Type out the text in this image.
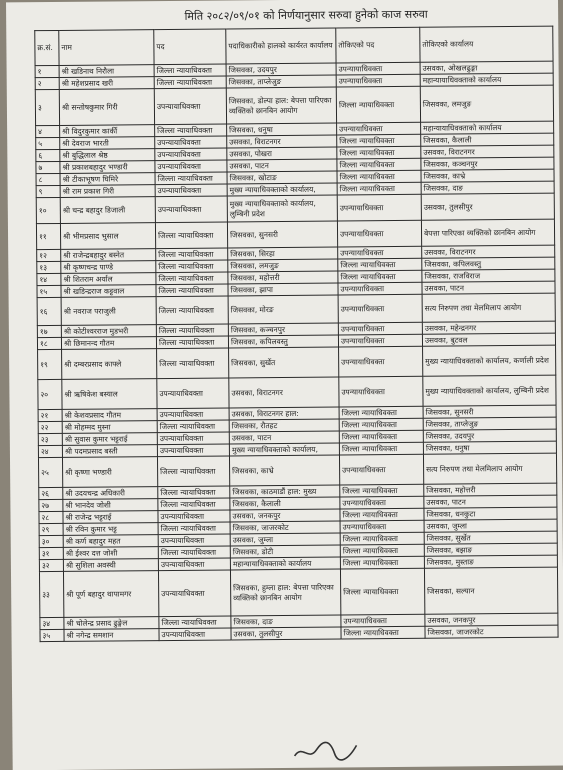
मिति २०८२/०९/०१ को निर्णयानुसार सरुवा हुनेको काज सरुवा
क्र.सं.	नाम	पद	पदाधिकारीको हालको कार्यरत कार्यालय	तोकिएको पद	तोकिएको कार्यालय
१	श्री खडिनाथ निरौला	जिल्ला न्यायाधिवक्ता	जिसवका, उदयपुर	उपन्यायाधिवक्ता	उसवका, ओखलढुङ्गा
२	श्री महेशप्रसाद खरी	जिल्ला न्यायाधिवक्ता	जिसवका, ताप्लेजुङ	उपन्यायाधिवक्ता	महान्यायाधिवक्ताको कार्यालय
३	श्री सन्तोषकुमार गिरी	उपन्यायाधिवक्ता	जिसवका, डोल्पा हाल: बेपत्ता पारिएका व्यक्तिको छानबिन आयोग	जिल्ला न्यायाधिवक्ता	जिसवका, लमजुङ
४	श्री विदुरकुमार कार्की	जिल्ला न्यायाधिवक्ता	जिसवका, धनुषा	उपन्यायाधिवक्ता	महान्यायाधिवक्ताको कार्यालय
५	श्री देवराज भारती	उपन्यायाधिवक्ता	उसवका, विराटनगर	जिल्ला न्यायाधिवक्ता	जिसवका, कैलाली
६	श्री बुद्धिलाल श्रेष्ठ	उपन्यायाधिवक्ता	उसवका, पोखरा	जिल्ला न्यायाधिवक्ता	उसवका, विराटनगर
७	श्री प्रकाशबहादुर भण्डारी	उपन्यायाधिवक्ता	उसवका, पाटन	जिल्ला न्यायाधिवक्ता	जिसवका, कञ्चनपुर
८	श्री टीकाभूषण घिमिरे	जिल्ला न्यायाधिवक्ता	जिसवका, खोटाङ	जिल्ला न्यायाधिवक्ता	जिसवका, काभ्रे
९	श्री राम प्रकाश गिरी	उपन्यायाधिवक्ता	मुख्य न्यायाधिवक्ताको कार्यालय,	जिल्ला न्यायाधिवक्ता	जिसवका, दाङ
१०	श्री चन्द्र बहादुर डिजाली	उपन्यायाधिवक्ता	मुख्य न्यायाधिवक्ताको कार्यालय, लुम्बिनी प्रदेश	उपन्यायाधिवक्ता	उसवका, तुलसीपुर
११	श्री भीमप्रसाद भुसाल	जिल्ला न्यायाधिवक्ता	जिसवका, सुनसरी	उपन्यायाधिवक्ता	बेपत्ता पारिएका व्यक्तिको छानबिन आयोग
१२	श्री राजेन्द्रबहादुर बस्नेत	जिल्ला न्यायाधिवक्ता	जिसवका, सिरहा	उपन्यायाधिवक्ता	उसवका, विराटनगर
१३	श्री कृष्णचन्द्र पाण्डे	जिल्ला न्यायाधिवक्ता	जिसवका, लमजुङ	जिल्ला न्यायाधिवक्ता	जिसवका, कपिलवस्तु
१४	श्री शितराम अर्याल	जिल्ला न्यायाधिवक्ता	जिसवका, महोत्तरी	जिल्ला न्यायाधिवक्ता	जिसवका, राजविराज
१५	श्री खडिन्द्रराज कट्टवाल	जिल्ला न्यायाधिवक्ता	जिसवका, झापा	उपन्यायाधिवक्ता	उसवका, पाटन
१६	श्री नवराज पराजुली	जिल्ला न्यायाधिवक्ता	जिसवका, मोरङ	उपन्यायाधिवक्ता	सत्य निरुपण तथा मेलमिलाप आयोग
१७	श्री कोटीश्वरराज मुडभरी	जिल्ला न्यायाधिवक्ता	जिसवका, कञ्चनपुर	उपन्यायाधिवक्ता	उसवका, महेन्द्रनगर
१८	श्री छिमानन्द गौतम	जिल्ला न्यायाधिवक्ता	जिसवका, कपिलवस्तु	उपन्यायाधिवक्ता	उसवका, बुटवल
१९	श्री दम्बरप्रसाद काफ्ले	जिल्ला न्यायाधिवक्ता	जिसवका, सुर्खेत	उपन्यायाधिवक्ता	मुख्य न्यायाधिवक्ताको कार्यालय, कर्णाली प्रदेश
२०	श्री ऋषिकेश बस्याल	उपन्यायाधिवक्ता	उसवका, विराटनगर	उपन्यायाधिवक्ता	मुख्य न्यायाधिवक्ताको कार्यालय, लुम्बिनी प्रदेश
२१	श्री केशवप्रसाद गौतम	उपन्यायाधिवक्ता	उसवका, विराटनगर हाल:	जिल्ला न्यायाधिवक्ता	जिसवका, सुनसरी
२२	श्री मोहम्मद मुस्ना	जिल्ला न्यायाधिवक्ता	जिसवका, रौतहट	जिल्ला न्यायाधिवक्ता	जिसवका, ताप्लेजुङ
२३	श्री सुवास कुमार भट्टराई	उपन्यायाधिवक्ता	उसवका, पाटन	जिल्ला न्यायाधिवक्ता	जिसवका, उदयपुर
२४	श्री पदमप्रसाद बस्ती	उपन्यायाधिवक्ता	मुख्य न्यायाधिवक्ताको कार्यालय,	जिल्ला न्यायाधिवक्ता	जिसवका, धनुषा
२५	श्री कृष्णा भण्डारी	जिल्ला न्यायाधिवक्ता	जिसवका, काभ्रे	उपन्यायाधिवक्ता	सत्य निरुपण तथा मेलमिलाप आयोग
२६	श्री उदयचन्द्र अधिकारी	जिल्ला न्यायाधिवक्ता	जिसवका, काठमाडौं हाल: मुख्य	जिल्ला न्यायाधिवक्ता	जिसवका, महोत्तरी
२७	श्री भानदेव जोशी	जिल्ला न्यायाधिवक्ता	जिसवका, कैलाली	उपन्यायाधिवक्ता	उसवका, पाटन
२८	श्री राजेन्द्र भट्टराई	उपन्यायाधिवक्ता	उसवका, जनकपुर	जिल्ला न्यायाधिवक्ता	जिसवका, धनकुटा
२९	श्री रविन कुमार भट्ट	जिल्ला न्यायाधिवक्ता	जिसवका, जाजरकोट	उपन्यायाधिवक्ता	उसवका, जुम्ला
३०	श्री कर्ण बहादुर महत	उपन्यायाधिवक्ता	उसवका, जुम्ला	जिल्ला न्यायाधिवक्ता	जिसवका, सुर्खेत
३१	श्री ईश्वर दत्त जोशी	जिल्ला न्यायाधिवक्ता	जिसवका, डोटी	जिल्ला न्यायाधिवक्ता	जिसवका, बझाङ
३२	श्री सुशिला अवस्थी	उपन्यायाधिवक्ता	महान्यायाधिवक्ताको कार्यालय	जिल्ला न्यायाधिवक्ता	जिसवका, मुस्ताङ
३३	श्री पूर्ण बहादुर थापामगर	उपन्यायाधिवक्ता	जिसवका, हुम्ला हाल: बेपत्ता पारिएका व्यक्तिको छानबिन आयोग	जिल्ला न्यायाधिवक्ता	जिसवका, सल्यान
३४	श्री चोलेन्द्र प्रसाद ढुङ्गेल	जिल्ला न्यायाधिवक्ता	जिसवका, दाङ	उपन्यायाधिवक्ता	उसवका, जनकपुर
३५	श्री नगेन्द्र समशान	उपन्यायाधिवक्ता	उसवका, तुलसीपुर	जिल्ला न्यायाधिवक्ता	जिसवका, जाजरकोट
